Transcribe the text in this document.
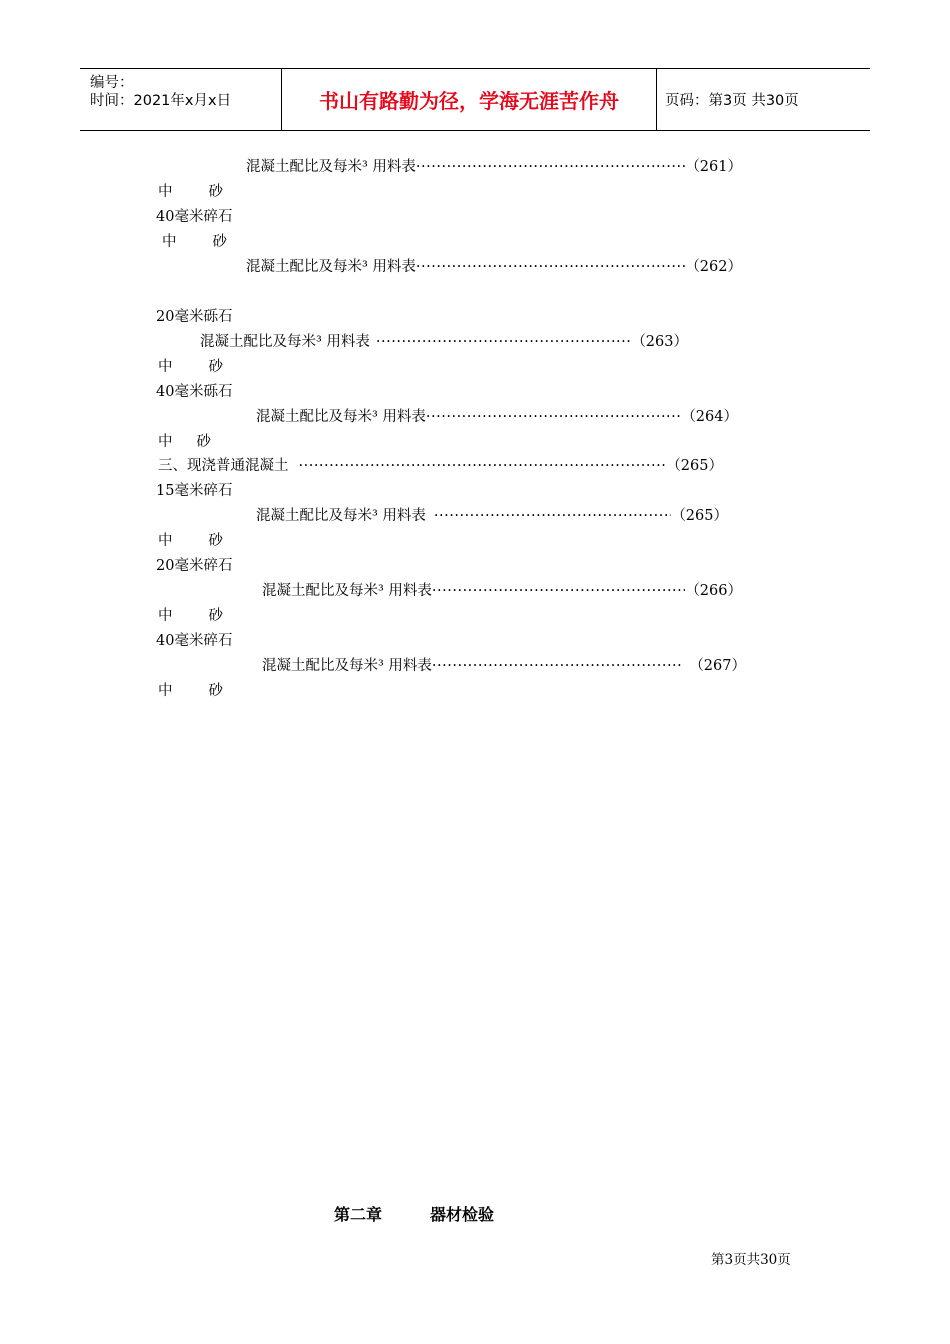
编号：
时间：2021年x月x日	书山有路勤为径，学海无涯苦作舟	页码：第3页 共30页
混凝土配比及每米³ 用料表 ·····	（261）
中 砂
40毫米碎石
中 砂
混凝土配比及每米³ 用料表 ·····	（262）
20毫米砾石
混凝土配比及每米³ 用料表 ·····	（263）
中 砂
40毫米砾石
混凝土配比及每米³ 用料表 ·····	（264）
中 砂
三、现浇普通混凝土 ·····	（265）
15毫米碎石
混凝土配比及每米³ 用料表 ·····	（265）
中 砂
20毫米碎石
混凝土配比及每米³ 用料表 ·····	（266）
中 砂
40毫米碎石
混凝土配比及每米³ 用料表 ·····	（267）
中 砂
第二章	器材检验
第3页共30页
